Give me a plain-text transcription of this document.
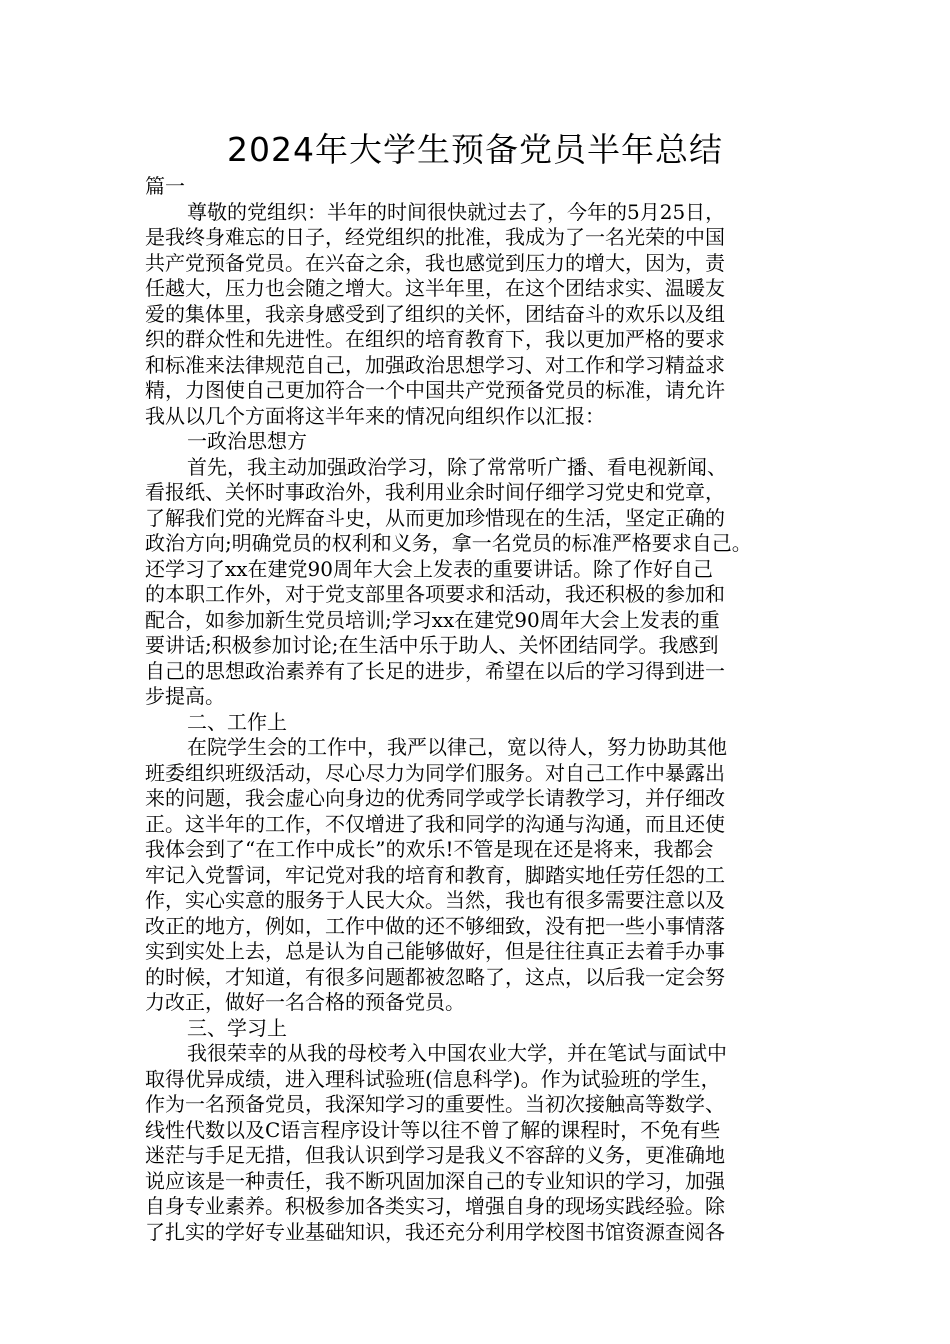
2024年大学生预备党员半年总结
篇一
尊敬的党组织：半年的时间很快就过去了，今年的5月25日，
是我终身难忘的日子，经党组织的批准，我成为了一名光荣的中国
共产党预备党员。在兴奋之余，我也感觉到压力的增大，因为，责
任越大，压力也会随之增大。这半年里，在这个团结求实、温暖友
爱的集体里，我亲身感受到了组织的关怀，团结奋斗的欢乐以及组
织的群众性和先进性。在组织的培育教育下，我以更加严格的要求
和标准来法律规范自己，加强政治思想学习、对工作和学习精益求
精，力图使自己更加符合一个中国共产党预备党员的标准，请允许
我从以几个方面将这半年来的情况向组织作以汇报：
一政治思想方
首先，我主动加强政治学习，除了常常听广播、看电视新闻、
看报纸、关怀时事政治外，我利用业余时间仔细学习党史和党章，
了解我们党的光辉奋斗史，从而更加珍惜现在的生活，坚定正确的
政治方向;明确党员的权利和义务，拿一名党员的标准严格要求自己。
还学习了xx在建党90周年大会上发表的重要讲话。除了作好自己
的本职工作外，对于党支部里各项要求和活动，我还积极的参加和
配合，如参加新生党员培训;学习xx在建党90周年大会上发表的重
要讲话;积极参加讨论;在生活中乐于助人、关怀团结同学。我感到
自己的思想政治素养有了长足的进步，希望在以后的学习得到进一
步提高。
二、工作上
在院学生会的工作中，我严以律己，宽以待人，努力协助其他
班委组织班级活动，尽心尽力为同学们服务。对自己工作中暴露出
来的问题，我会虚心向身边的优秀同学或学长请教学习，并仔细改
正。这半年的工作，不仅增进了我和同学的沟通与沟通，而且还使
我体会到了“在工作中成长”的欢乐!不管是现在还是将来，我都会
牢记入党誓词，牢记党对我的培育和教育，脚踏实地任劳任怨的工
作，实心实意的服务于人民大众。当然，我也有很多需要注意以及
改正的地方，例如，工作中做的还不够细致，没有把一些小事情落
实到实处上去，总是认为自己能够做好，但是往往真正去着手办事
的时候，才知道，有很多问题都被忽略了，这点，以后我一定会努
力改正，做好一名合格的预备党员。
三、学习上
我很荣幸的从我的母校考入中国农业大学，并在笔试与面试中
取得优异成绩，进入理科试验班(信息科学)。作为试验班的学生，
作为一名预备党员，我深知学习的重要性。当初次接触高等数学、
线性代数以及C语言程序设计等以往不曾了解的课程时，不免有些
迷茫与手足无措，但我认识到学习是我义不容辞的义务，更准确地
说应该是一种责任，我不断巩固加深自己的专业知识的学习，加强
自身专业素养。积极参加各类实习，增强自身的现场实践经验。除
了扎实的学好专业基础知识，我还充分利用学校图书馆资源查阅各
